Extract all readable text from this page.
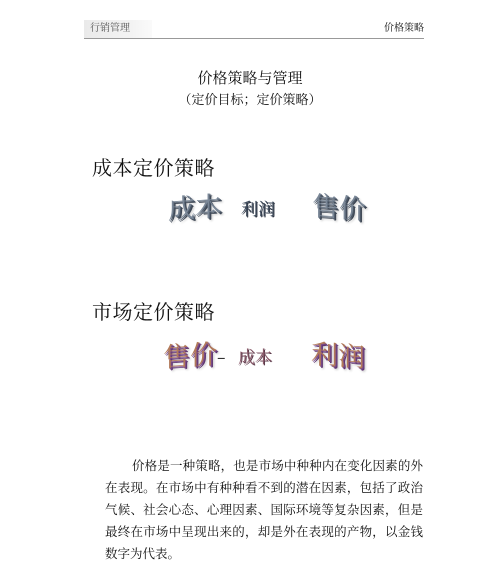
行销管理	价格策略
价格策略与管理
（定价目标；定价策略）
成本定价策略
成本 利润 售价
市场定价策略
售价 – 成本 利润

价格是一种策略，也是市场中种种内在变化因素的外在表现。在市场中有种种看不到的潜在因素，包括了政治气候、社会心态、心理因素、国际环境等复杂因素，但是最终在市场中呈现出来的，却是外在表现的产物，以金钱数字为代表。
